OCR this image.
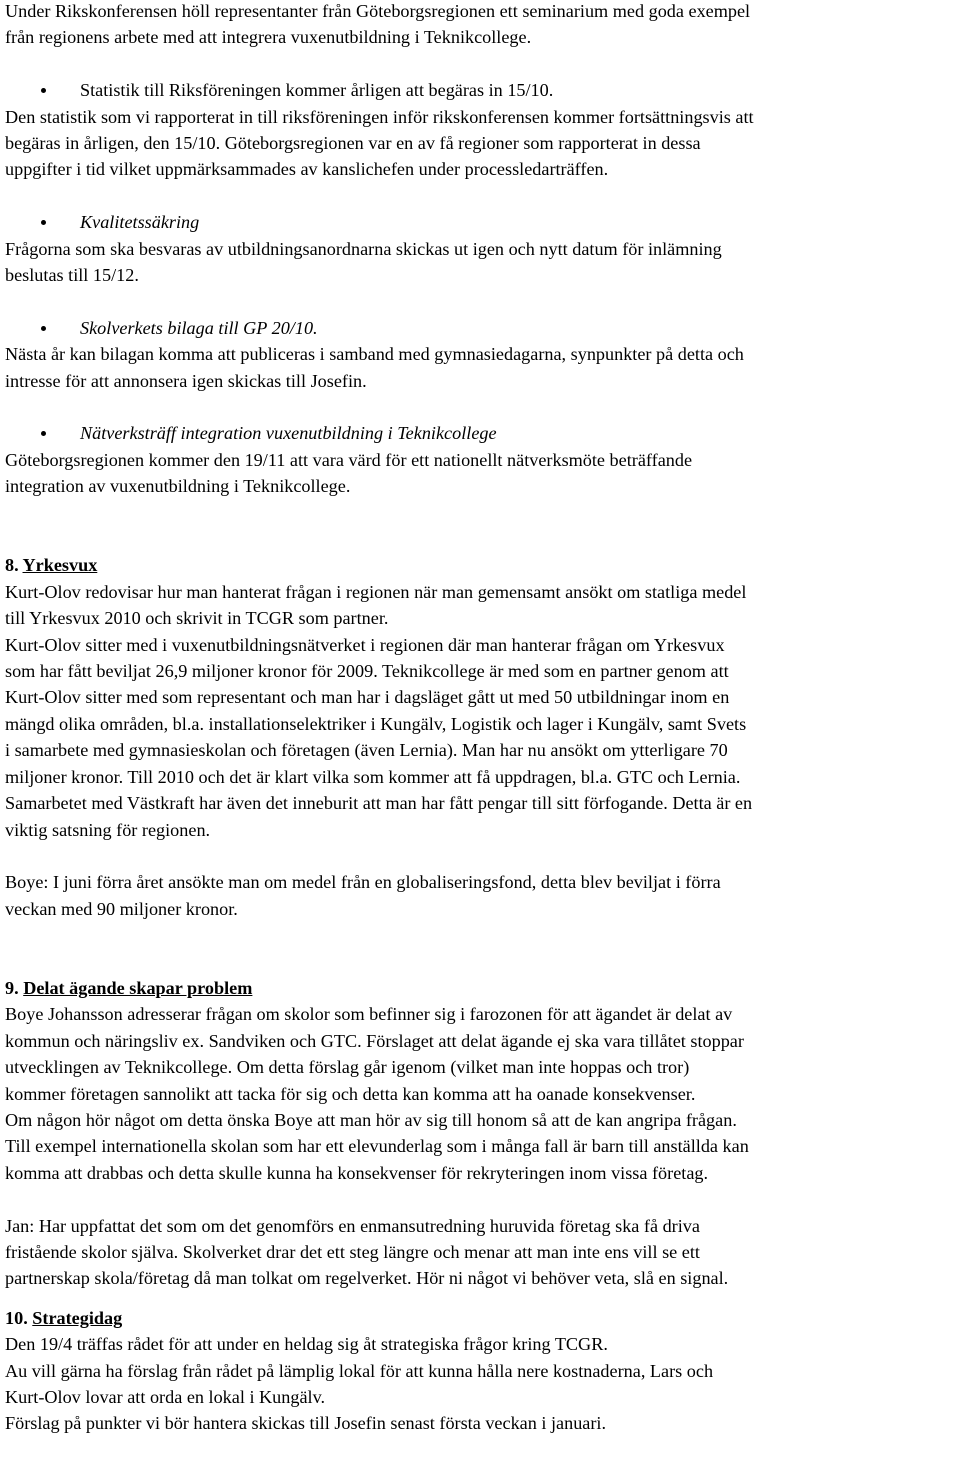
Under Rikskonferensen höll representanter från Göteborgsregionen ett seminarium med goda exempel

från regionens arbete med att integrera vuxenutbildning i Teknikcollege.

Statistik till Riksföreningen kommer årligen att begäras in 15/10.

Den statistik som vi rapporterat in till riksföreningen inför rikskonferensen kommer fortsättningsvis att

begäras in årligen, den 15/10. Göteborgsregionen var en av få regioner som rapporterat in dessa

uppgifter i tid vilket uppmärksammades av kanslichefen under processledarträffen.

Kvalitetssäkring

Frågorna som ska besvaras av utbildningsanordnarna skickas ut igen och nytt datum för inlämning

beslutas till 15/12.

Skolverkets bilaga till GP 20/10.

Nästa år kan bilagan komma att publiceras i samband med gymnasiedagarna, synpunkter på detta och

intresse för att annonsera igen skickas till Josefin.

Nätverksträff integration vuxenutbildning i Teknikcollege

Göteborgsregionen kommer den 19/11 att vara värd för ett nationellt nätverksmöte beträffande

integration av vuxenutbildning i Teknikcollege.

8. Yrkesvux

Kurt-Olov redovisar hur man hanterat frågan i regionen när man gemensamt ansökt om statliga medel

till Yrkesvux 2010 och skrivit in TCGR som partner.

Kurt-Olov sitter med i vuxenutbildningsnätverket i regionen där man hanterar frågan om Yrkesvux

som har fått beviljat 26,9 miljoner kronor för 2009. Teknikcollege är med som en partner genom att

Kurt-Olov sitter med som representant och man har i dagsläget gått ut med 50 utbildningar inom en

mängd olika områden, bl.a. installationselektriker i Kungälv, Logistik och lager i Kungälv, samt Svets

i samarbete med gymnasieskolan och företagen (även Lernia). Man har nu ansökt om ytterligare 70

miljoner kronor. Till 2010 och det är klart vilka som kommer att få uppdragen, bl.a. GTC och Lernia.

Samarbetet med Västkraft har även det inneburit att man har fått pengar till sitt förfogande. Detta är en

viktig satsning för regionen.

Boye: I juni förra året ansökte man om medel från en globaliseringsfond, detta blev beviljat i förra

veckan med 90 miljoner kronor.

9. Delat ägande skapar problem

Boye Johansson adresserar frågan om skolor som befinner sig i farozonen för att ägandet är delat av

kommun och näringsliv ex. Sandviken och GTC. Förslaget att delat ägande ej ska vara tillåtet stoppar

utvecklingen av Teknikcollege. Om detta förslag går igenom (vilket man inte hoppas och tror)

kommer företagen sannolikt att tacka för sig och detta kan komma att ha oanade konsekvenser.

Om någon hör något om detta önska Boye att man hör av sig till honom så att de kan angripa frågan.

Till exempel internationella skolan som har ett elevunderlag som i många fall är barn till anställda kan

komma att drabbas och detta skulle kunna ha konsekvenser för rekryteringen inom vissa företag.

Jan: Har uppfattat det som om det genomförs en enmansutredning huruvida företag ska få driva

fristående skolor själva. Skolverket drar det ett steg längre och menar att man inte ens vill se ett

partnerskap skola/företag då man tolkat om regelverket. Hör ni något vi behöver veta, slå en signal.

10. Strategidag

Den 19/4 träffas rådet för att under en heldag sig åt strategiska frågor kring TCGR.

Au vill gärna ha förslag från rådet på lämplig lokal för att kunna hålla nere kostnaderna, Lars och

Kurt-Olov lovar att orda en lokal i Kungälv.

Förslag på punkter vi bör hantera skickas till Josefin senast första veckan i januari.
